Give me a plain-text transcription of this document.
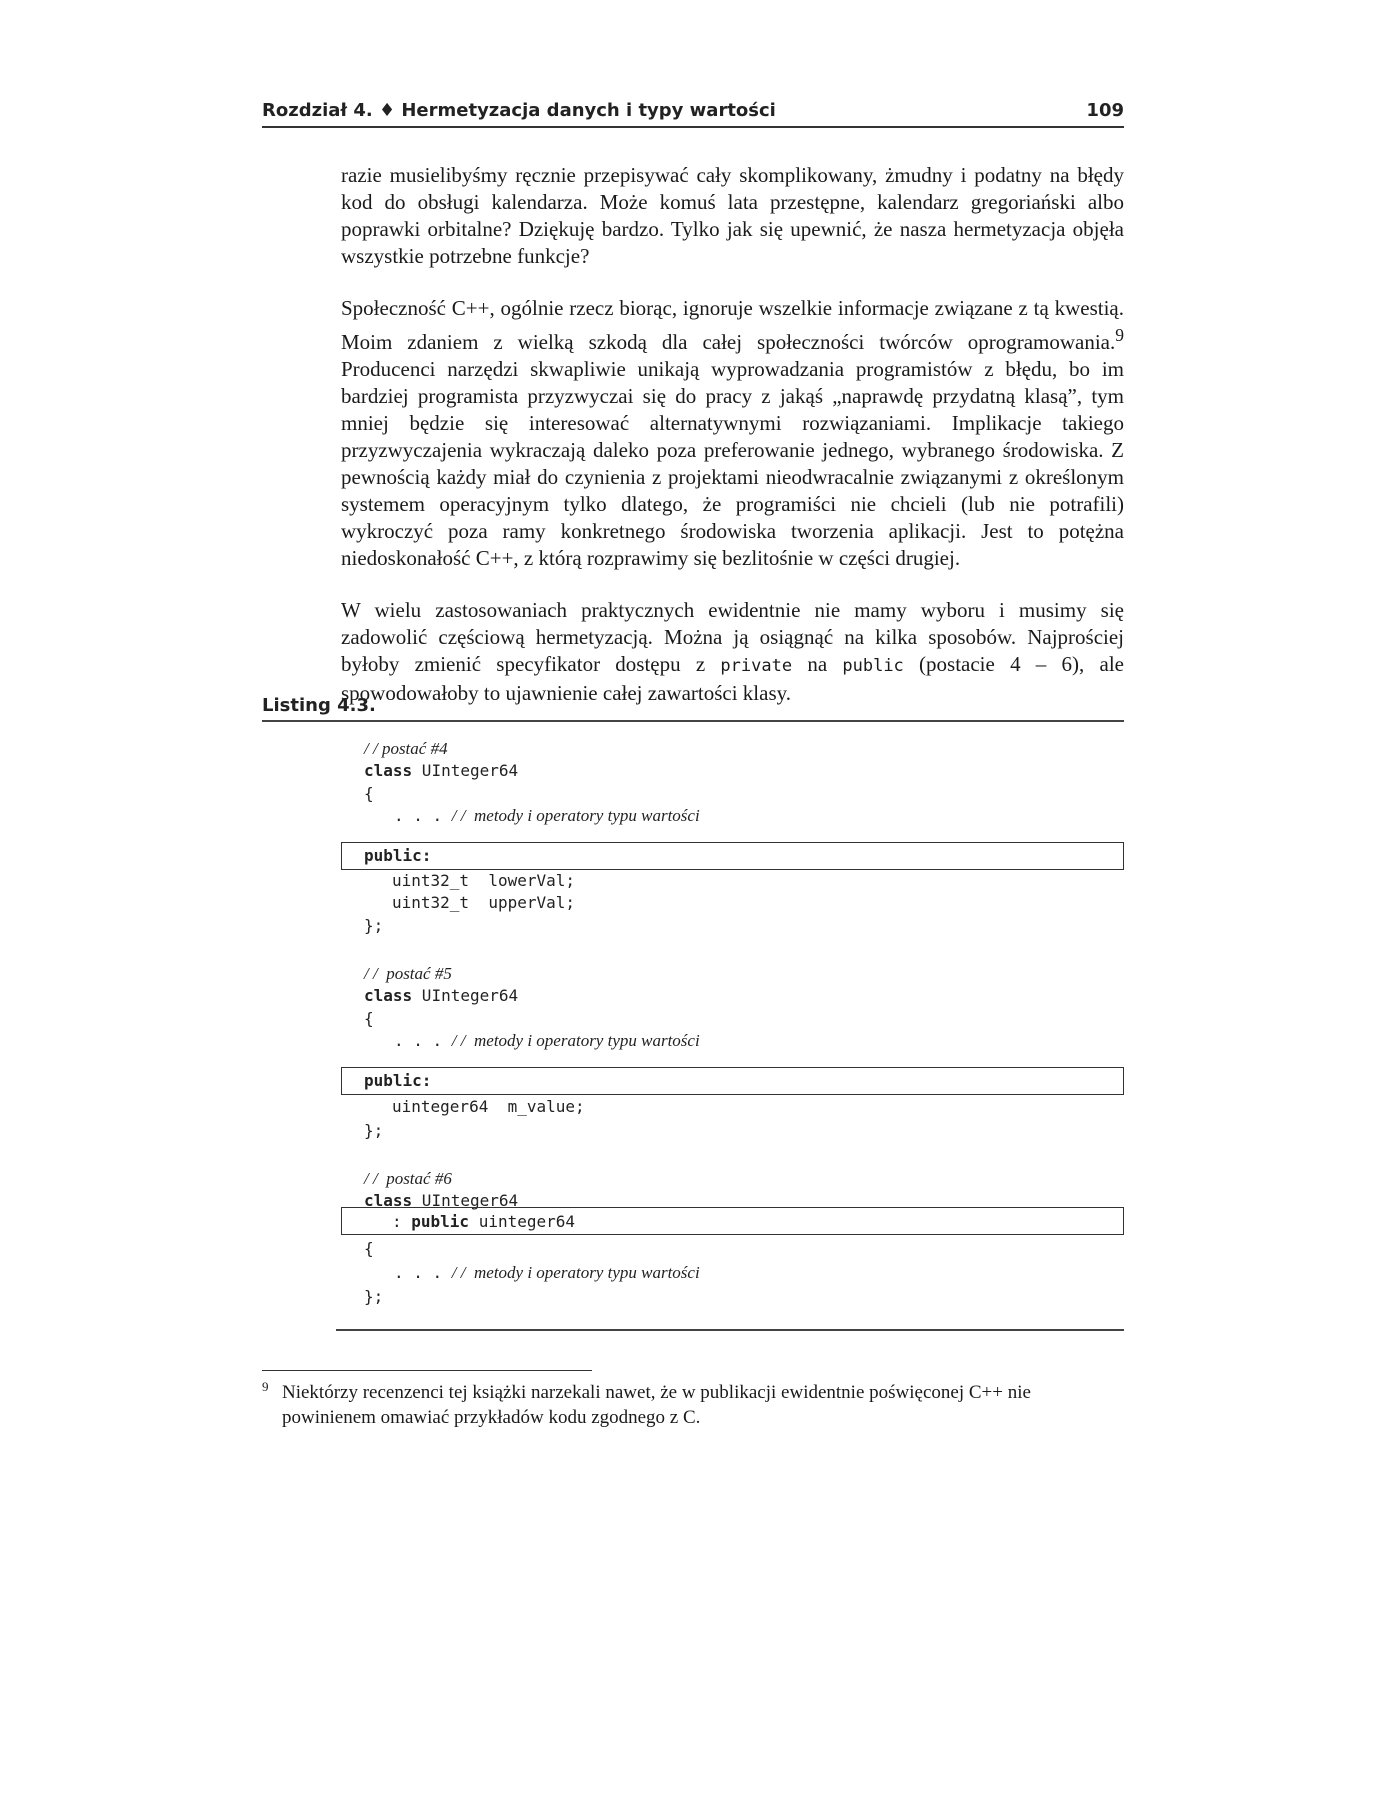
Rozdział 4. ♦ Hermetyzacja danych i typy wartości	109

razie musielibyśmy ręcznie przepisywać cały skomplikowany, żmudny i podatny na błędy kod do obsługi kalendarza. Może komuś lata przestępne, kalendarz gregoriański albo poprawki orbitalne? Dziękuję bardzo. Tylko jak się upewnić, że nasza hermetyzacja objęła wszystkie potrzebne funkcje?

Społeczność C++, ogólnie rzecz biorąc, ignoruje wszelkie informacje związane z tą kwestią. Moim zdaniem z wielką szkodą dla całej społeczności twórców oprogramowania.$^9$ Producenci narzędzi skwapliwie unikają wyprowadzania programistów z błędu, bo im bardziej programista przyzwyczai się do pracy z jakąś „naprawdę przydatną klasą”, tym mniej będzie się interesować alternatywnymi rozwiązaniami. Implikacje takiego przyzwyczajenia wykraczają daleko poza preferowanie jednego, wybranego środowiska. Z pewnością każdy miał do czynienia z projektami nieodwracalnie związanymi z określonym systemem operacyjnym tylko dlatego, że programiści nie chcieli (lub nie potrafili) wykroczyć poza ramy konkretnego środowiska tworzenia aplikacji. Jest to potężna niedoskonałość C++, z którą rozprawimy się bezlitośnie w części drugiej.

W wielu zastosowaniach praktycznych ewidentnie nie mamy wyboru i musimy się zadowolić częściową hermetyzacją. Można ją osiągnąć na kilka sposobów. Najprościej byłoby zmienić specyfikator dostępu z private na public (postacie 4 – 6), ale spowodowałoby to ujawnienie całej zawartości klasy.

Listing 4.3.
/ / postać #4
class UInteger64
{
. . . / /  metody i operatory typu wartości
public:
uint32_t  lowerVal;
uint32_t  upperVal;
};
/ /  postać #5
class UInteger64
{
. . . / /  metody i operatory typu wartości
public:
uinteger64  m_value;
};
/ /  postać #6
class UInteger64
: public uinteger64
{
. . . / /  metody i operatory typu wartości
};
9 Niektórzy recenzenci tej książki narzekali nawet, że w publikacji ewidentnie poświęconej C++ nie powinienem omawiać przykładów kodu zgodnego z C.
